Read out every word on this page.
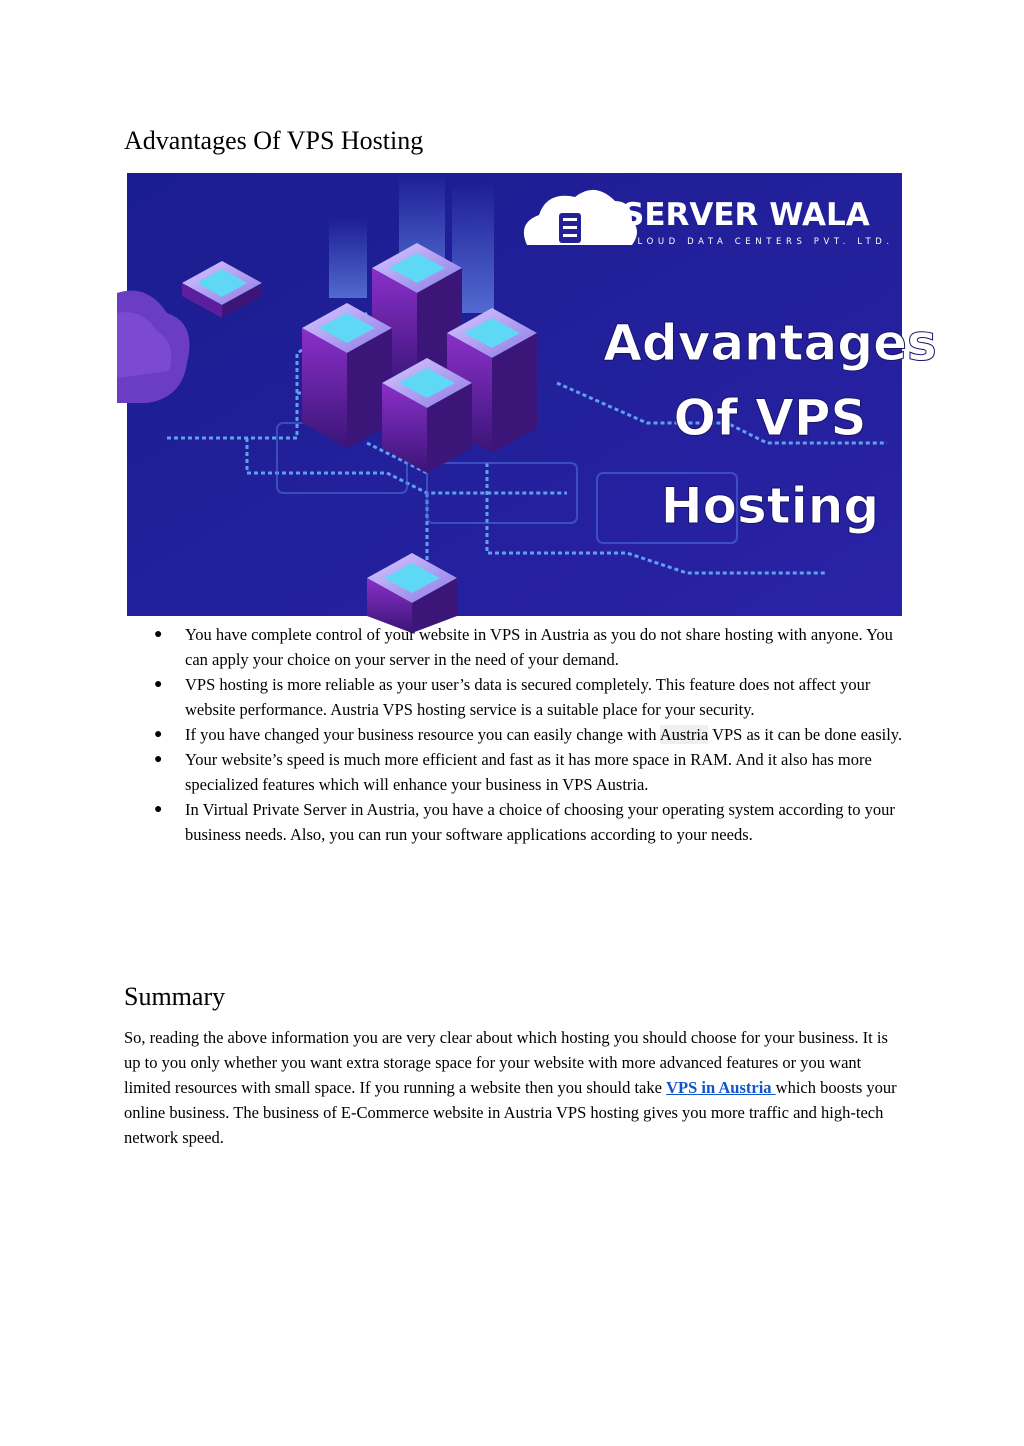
Advantages Of VPS Hosting
SERVER WALA
CLOUD DATA CENTERS PVT. LTD.
Advantages
Of VPS
Hosting
● You have complete control of your website in VPS in Austria as you do not share hosting with anyone. You can apply your choice on your server in the need of your demand.
● VPS hosting is more reliable as your user’s data is secured completely. This feature does not affect your website performance. Austria VPS hosting service is a suitable place for your security.
● If you have changed your business resource you can easily change with Austria VPS as it can be done easily.
● Your website’s speed is much more efficient and fast as it has more space in RAM. And it also has more specialized features which will enhance your business in VPS Austria.
● In Virtual Private Server in Austria, you have a choice of choosing your operating system according to your business needs. Also, you can run your software applications according to your needs.
Summary

So, reading the above information you are very clear about which hosting you should choose for your business. It is up to you only whether you want extra storage space for your website with more advanced features or you want limited resources with small space. If you running a website then you should take VPS in Austria which boosts your online business. The business of E-Commerce website in Austria VPS hosting gives you more traffic and high-tech network speed.
